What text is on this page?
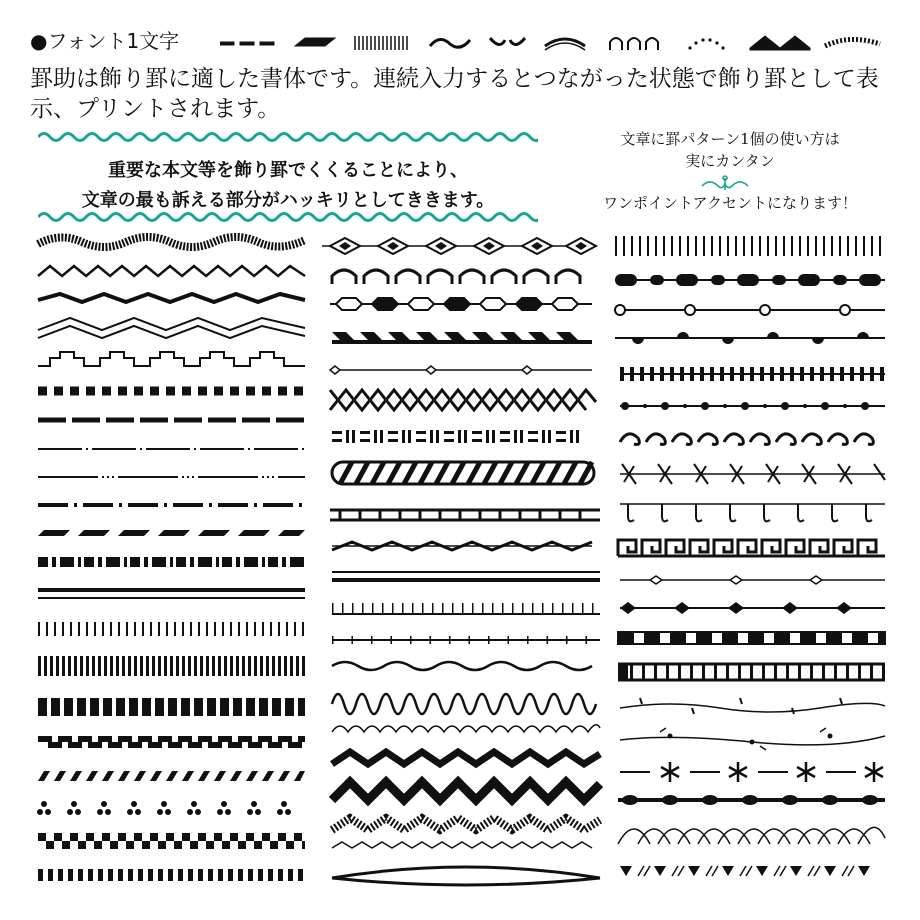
●フォント1文字
罫助は飾り罫に適した書体です。連続入力するとつながった状態で飾り罫として表示、プリントされます。
重要な本文等を飾り罫でくくることにより、
文章の最も訴える部分がハッキリとしてききます。
文章に罫パターン1個の使い方は
実にカンタン
ワンポイントアクセントになります！
